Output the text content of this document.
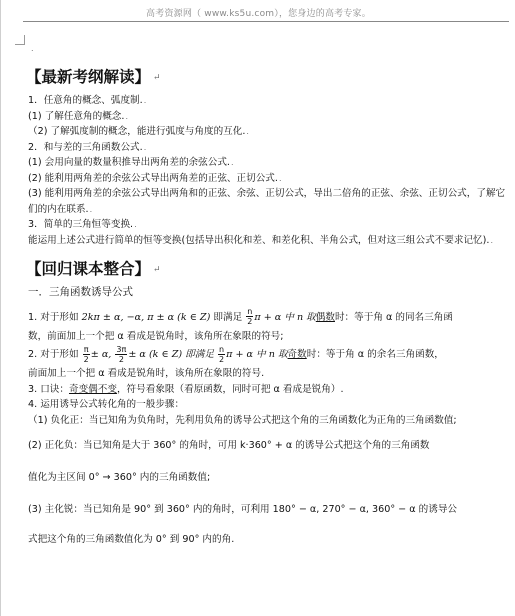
高考资源网（ www.ks5u.com），您身边的高考专家。
.
【最新考纲解读】 ↵

1．任意角的概念、弧度制..

(1) 了解任意角的概念..

（2) 了解弧度制的概念，能进行弧度与角度的互化..

2．和与差的三角函数公式..

(1) 会用向量的数量积推导出两角差的余弦公式..

(2) 能利用两角差的余弦公式导出两角差的正弦、正切公式..

(3) 能利用两角差的余弦公式导出两角和的正弦、余弦、正切公式，导出二倍角的正弦、余弦、正切公式，了解它们的内在联系..

3．简单的三角恒等变换..

能运用上述公式进行简单的恒等变换(包括导出积化和差、和差化积、半角公式，但对这三组公式不要求记忆)..

【回归课本整合】 ↵

一．三角函数诱导公式

1. 对于形如 2kπ ± α, −α, π ± α (k ∈ Z) 即满足 $\frac{n}{2}$ π + α 中 n 取偶数时：等于角 α 的同名三角函

数，前面加上一个把 α 看成是锐角时，该角所在象限的符号;

2. 对于形如 $\frac{\pi}{2} \pm \alpha$, $\frac{3\pi}{2} \pm \alpha$ (k ∈ Z) 即满足 $\frac{n}{2}$ π + α 中 n 取奇数时：等于角 α 的余名三角函数，

前面加上一个把 α 看成是锐角时，该角所在象限的符号.

3. 口诀：奇变偶不变，符号看象限（看原函数，同时可把 α 看成是锐角）.

4. 运用诱导公式转化角的一般步骤：

（1) 负化正：当已知角为负角时，先利用负角的诱导公式把这个角的三角函数化为正角的三角函数值;

(2) 正化负：当已知角是大于 360° 的角时，可用 k·360° + α 的诱导公式把这个角的三角函数

值化为主区间 0° → 360° 内的三角函数值;

(3) 主化锐：当已知角是 90° 到 360° 内的角时，可利用 180° − α, 270° − α, 360° − α 的诱导公

式把这个角的三角函数值化为 0° 到 90° 内的角.
